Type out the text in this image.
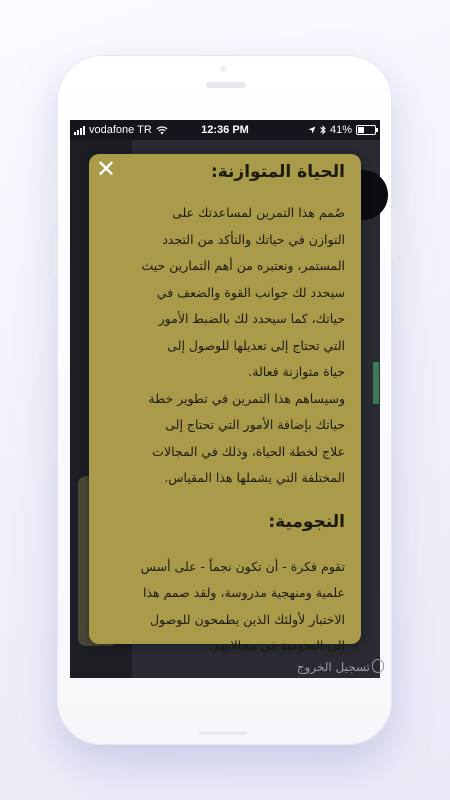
تسجيل الخروج
vodafone TR	12:36 PM	41%
✕	الحياة المتوازنة:

صُمم هذا التمرين لمساعدتك على
التوازن في حياتك والتأكد من التجدد
المستمر، ونعتبره من أهم التمارين حيث
سيحدد لك جوانب القوة والضعف في
حياتك، كما سيحدد لك بالضبط الأمور
التي تحتاج إلى تعديلها للوصول إلى
حياة متوازنة فعالة.

وسيساهم هذا التمرين في تطوير خطة
حياتك بإضافة الأمور التي تحتاج إلى
علاج لخطة الحياة، وذلك في المجالات
المختلفة التي يشملها هذا المقياس.

النجومية:

تقوم فكرة - أن تكون نجماً - على أسس
علمية ومنهجية مدروسة، ولقد صمم هذا
الاختبار لأولئك الذين يطمحون للوصول
إلى النجومية في مجالاتهم.
